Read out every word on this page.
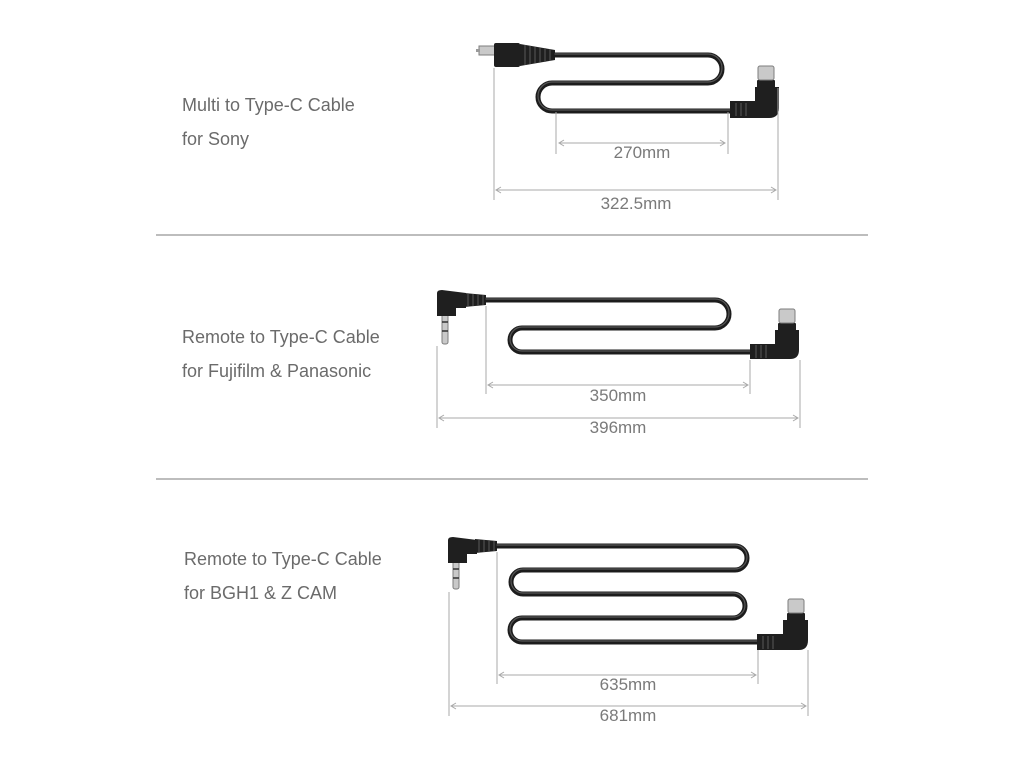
Multi to Type-C Cable
for Sony
Remote to Type-C Cable
for Fujifilm & Panasonic
Remote to Type-C Cable
for BGH1 & Z CAM
270mm
322.5mm
350mm
396mm
635mm
681mm
